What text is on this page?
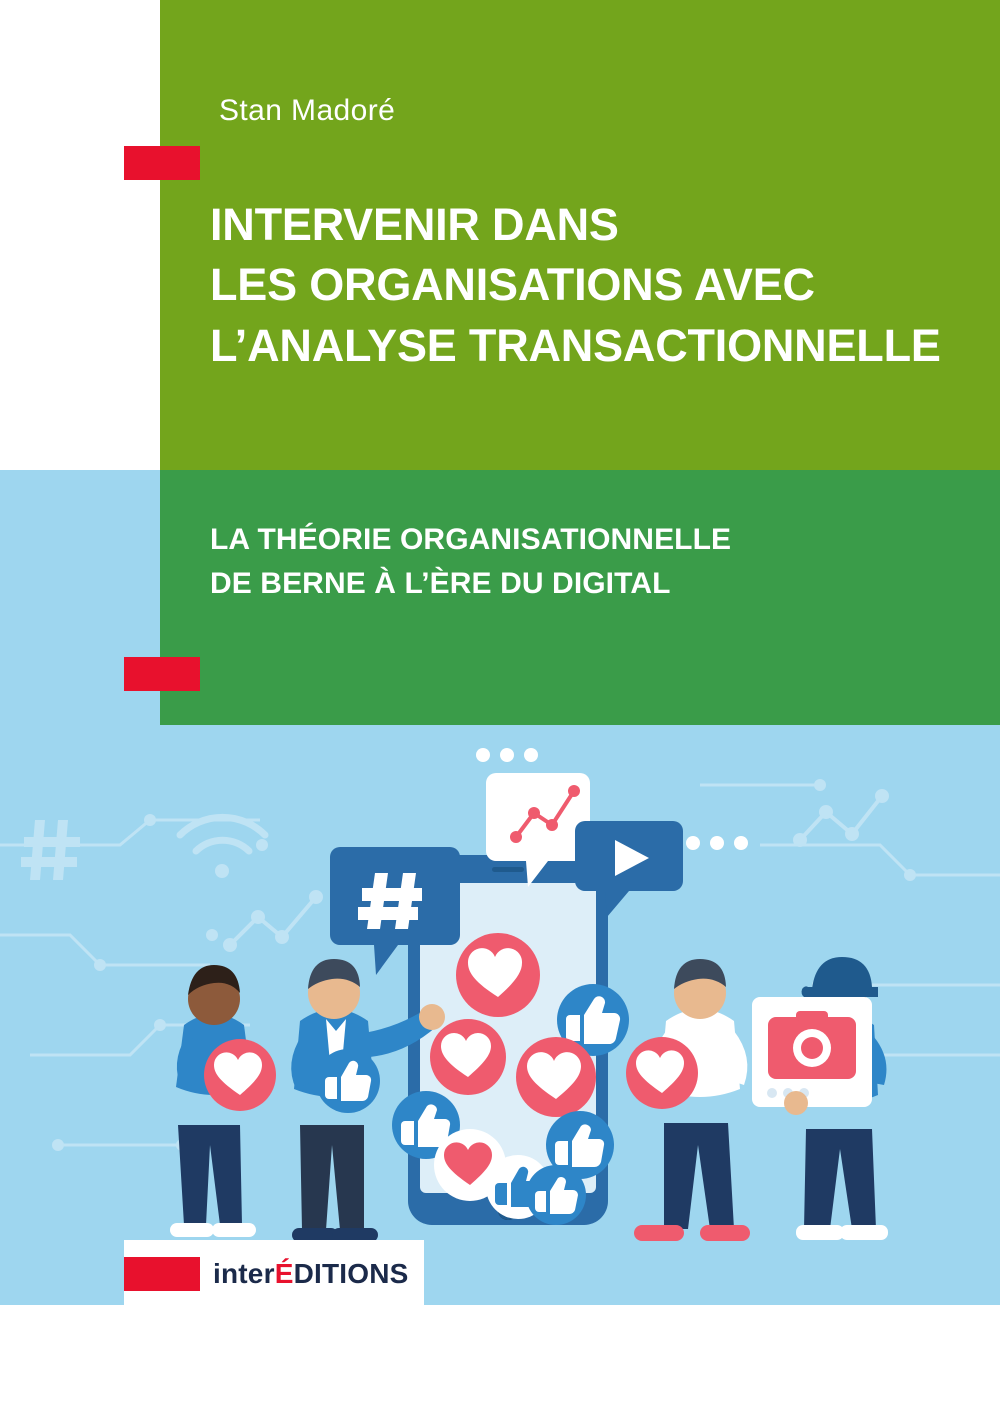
Stan Madoré
INTERVENIR DANS
LES ORGANISATIONS AVEC
L’ANALYSE TRANSACTIONNELLE
LA THÉORIE ORGANISATIONNELLE
DE BERNE À L’ÈRE DU DIGITAL
interÉDITIONS
